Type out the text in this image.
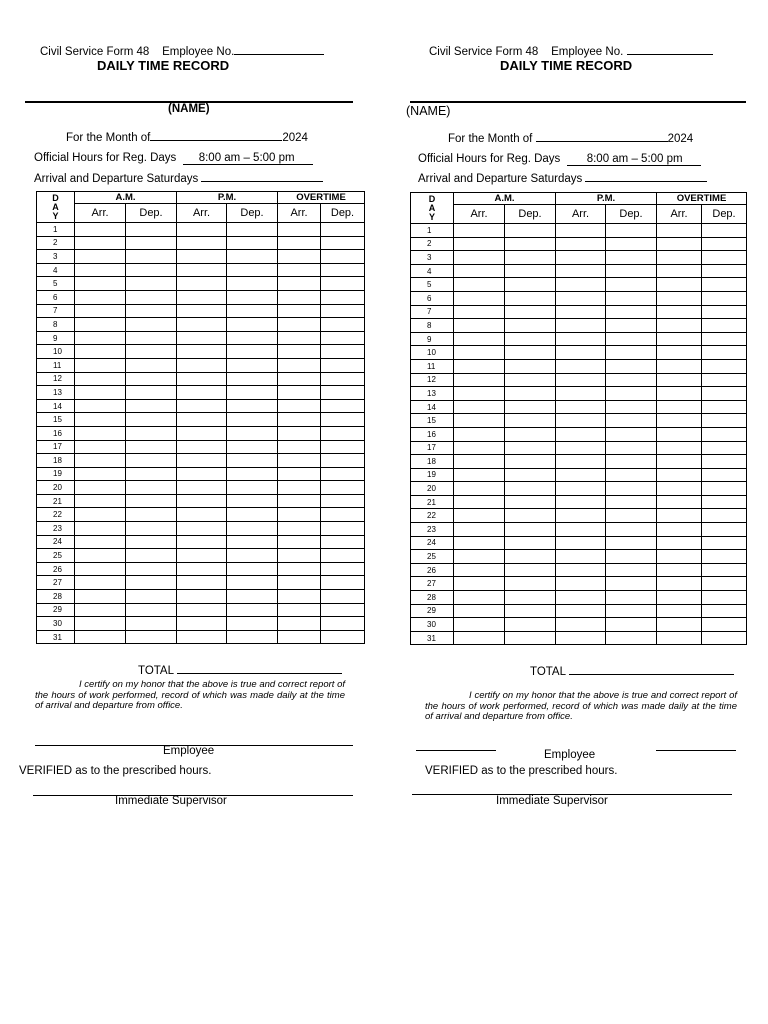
Civil Service Form 48 Employee No.
DAILY TIME RECORD
(NAME)
For the Month of	2024
Official Hours for Reg. Days 8:00 am – 5:00 pm
Arrival and Departure Saturdays
D
A
Y	A.M.		P.M.		OVERTIME	
	Arr.	Dep.	Arr.	Dep.	Arr.	Dep.
1						
2						
3						
4						
5						
6						
7						
8						
9						
10						
11						
12						
13						
14						
15						
16						
17						
18						
19						
20						
21						
22						
23						
24						
25						
26						
27						
28						
29						
30						
31						
TOTAL
I certify on my honor that the above is true and correct report of the hours of work performed, record of which was made daily at the time of arrival and departure from office.
Employee
VERIFIED as to the prescribed hours.
Immediate Supervisor
Civil Service Form 48 Employee No.
DAILY TIME RECORD
(NAME)
For the Month of	2024
Official Hours for Reg. Days 8:00 am – 5:00 pm
Arrival and Departure Saturdays
D
A
Y	A.M.		P.M.		OVERTIME	
	Arr.	Dep.	Arr.	Dep.	Arr.	Dep.
1						
2						
3						
4						
5						
6						
7						
8						
9						
10						
11						
12						
13						
14						
15						
16						
17						
18						
19						
20						
21						
22						
23						
24						
25						
26						
27						
28						
29						
30						
31						
TOTAL
I certify on my honor that the above is true and correct report of the hours of work performed, record of which was made daily at the time of arrival and departure from office.
Employee
VERIFIED as to the prescribed hours.
Immediate Supervisor
